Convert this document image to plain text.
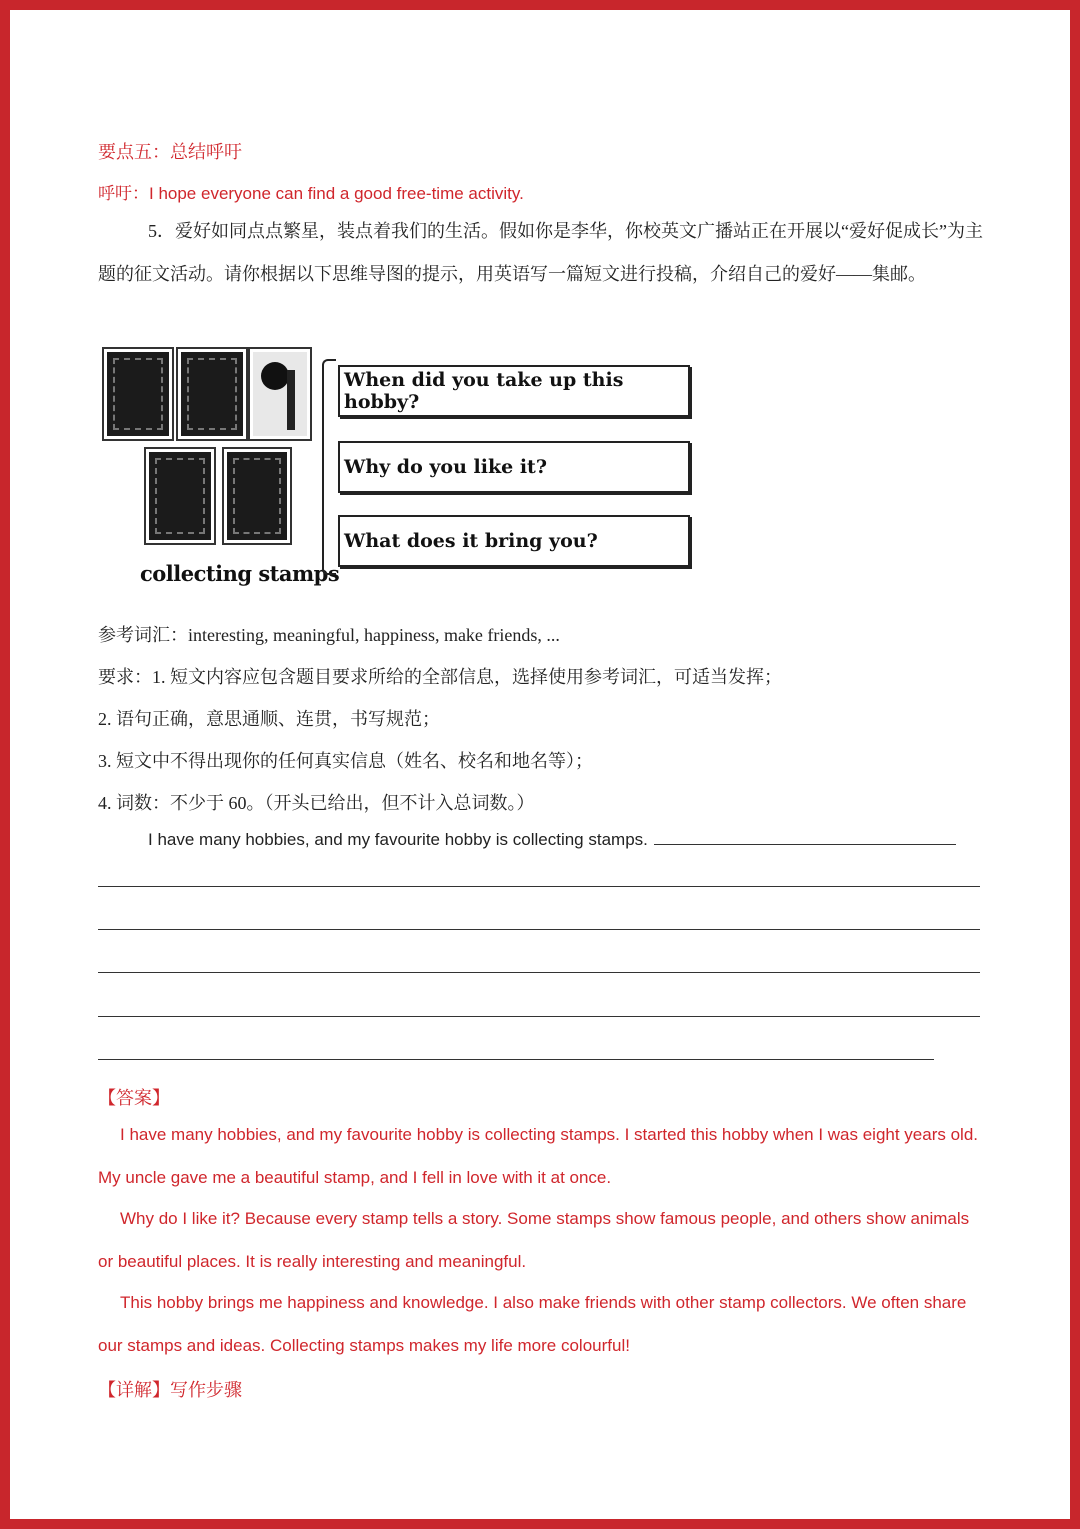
要点五：总结呼吁
呼吁：I hope everyone can find a good free-time activity.
5．爱好如同点点繁星，装点着我们的生活。假如你是李华，你校英文广播站正在开展以“爱好促成长”为主题的征文活动。请你根据以下思维导图的提示，用英语写一篇短文进行投稿，介绍自己的爱好——集邮。
collecting stamps
When did you take up this hobby?
Why do you like it?
What does it bring you?
参考词汇：interesting, meaningful, happiness, make friends, ...
要求：1. 短文内容应包含题目要求所给的全部信息，选择使用参考词汇，可适当发挥；
2. 语句正确，意思通顺、连贯，书写规范；
3. 短文中不得出现你的任何真实信息（姓名、校名和地名等）；
4. 词数：不少于 60。（开头已给出，但不计入总词数。）
I have many hobbies, and my favourite hobby is collecting stamps.
【答案】
I have many hobbies, and my favourite hobby is collecting stamps. I started this hobby when I was eight years old. My uncle gave me a beautiful stamp, and I fell in love with it at once.
Why do I like it? Because every stamp tells a story. Some stamps show famous people, and others show animals or beautiful places. It is really interesting and meaningful.
This hobby brings me happiness and knowledge. I also make friends with other stamp collectors. We often share our stamps and ideas. Collecting stamps makes my life more colourful!
【详解】写作步骤
